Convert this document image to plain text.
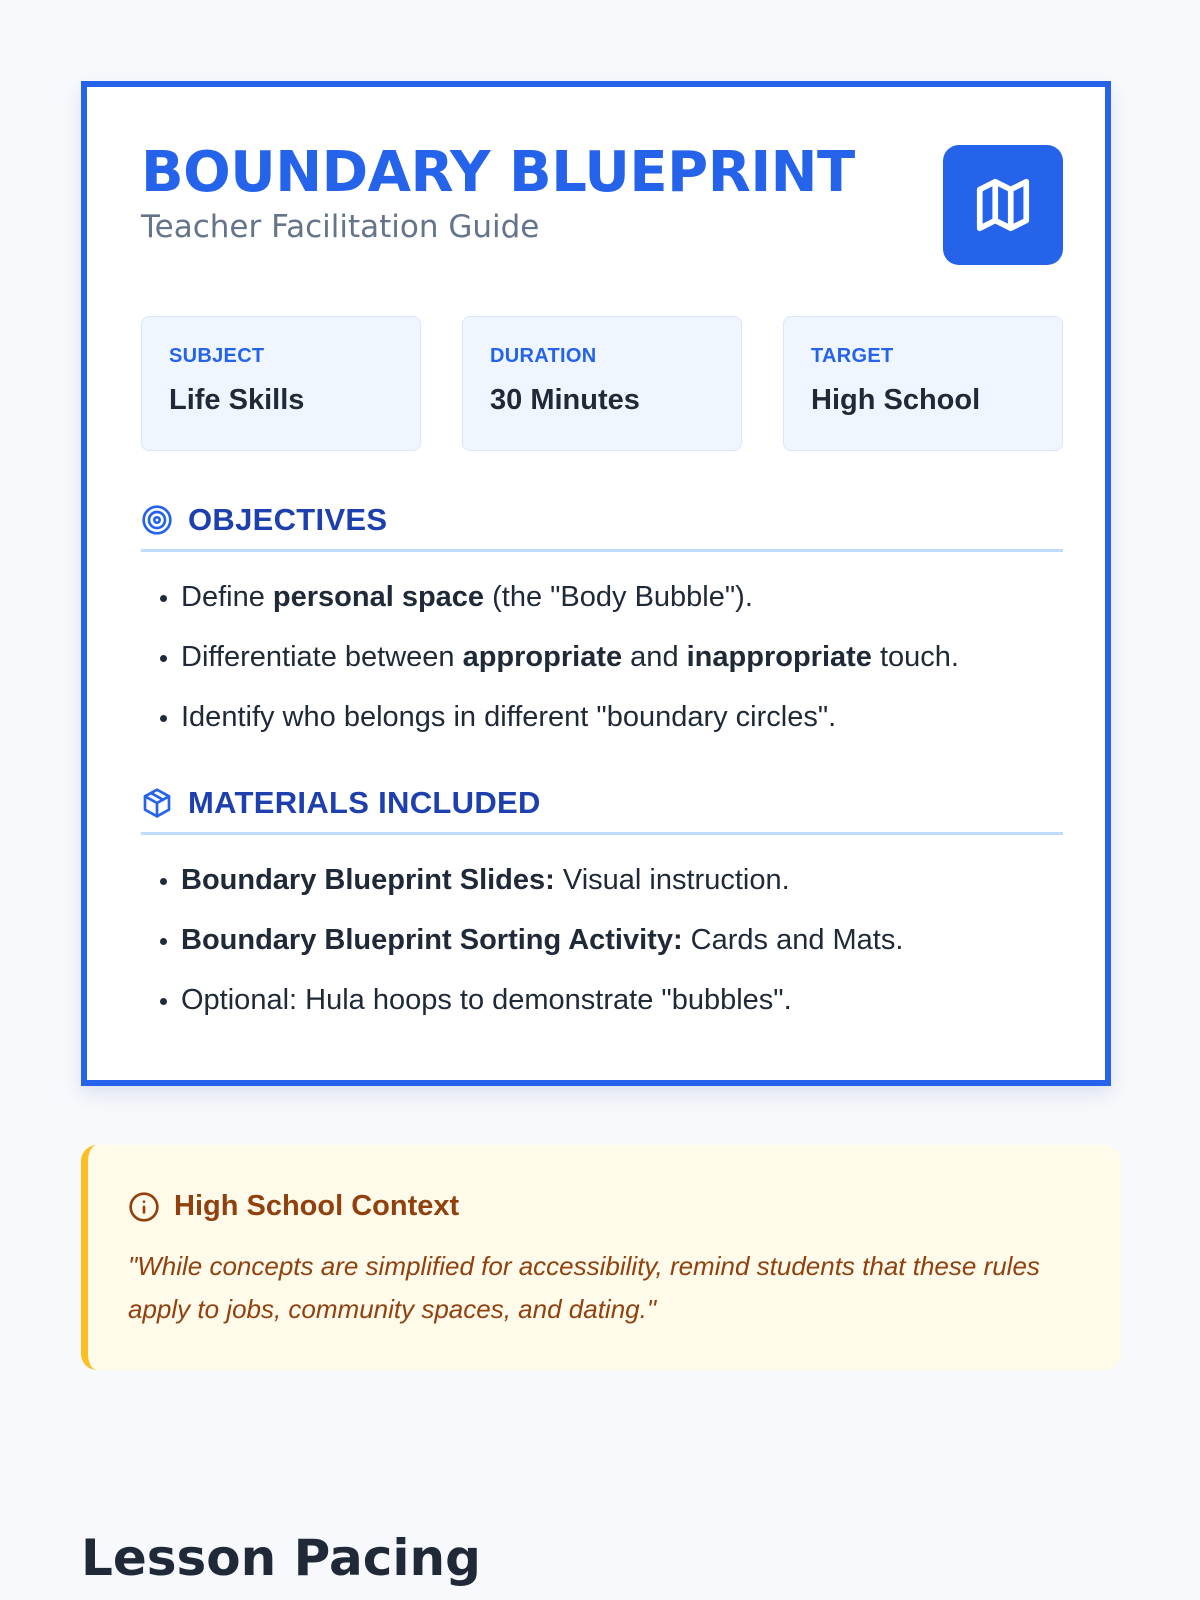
BOUNDARY BLUEPRINT
Teacher Facilitation Guide
SUBJECT
Life Skills
DURATION
30 Minutes
TARGET
High School
OBJECTIVES
• Define personal space (the "Body Bubble").
• Differentiate between appropriate and inappropriate touch.
• Identify who belongs in different "boundary circles".
MATERIALS INCLUDED
• Boundary Blueprint Slides: Visual instruction.
• Boundary Blueprint Sorting Activity: Cards and Mats.
• Optional: Hula hoops to demonstrate "bubbles".
High School Context
"While concepts are simplified for accessibility, remind students that these rules apply to jobs, community spaces, and dating."
Lesson Pacing
